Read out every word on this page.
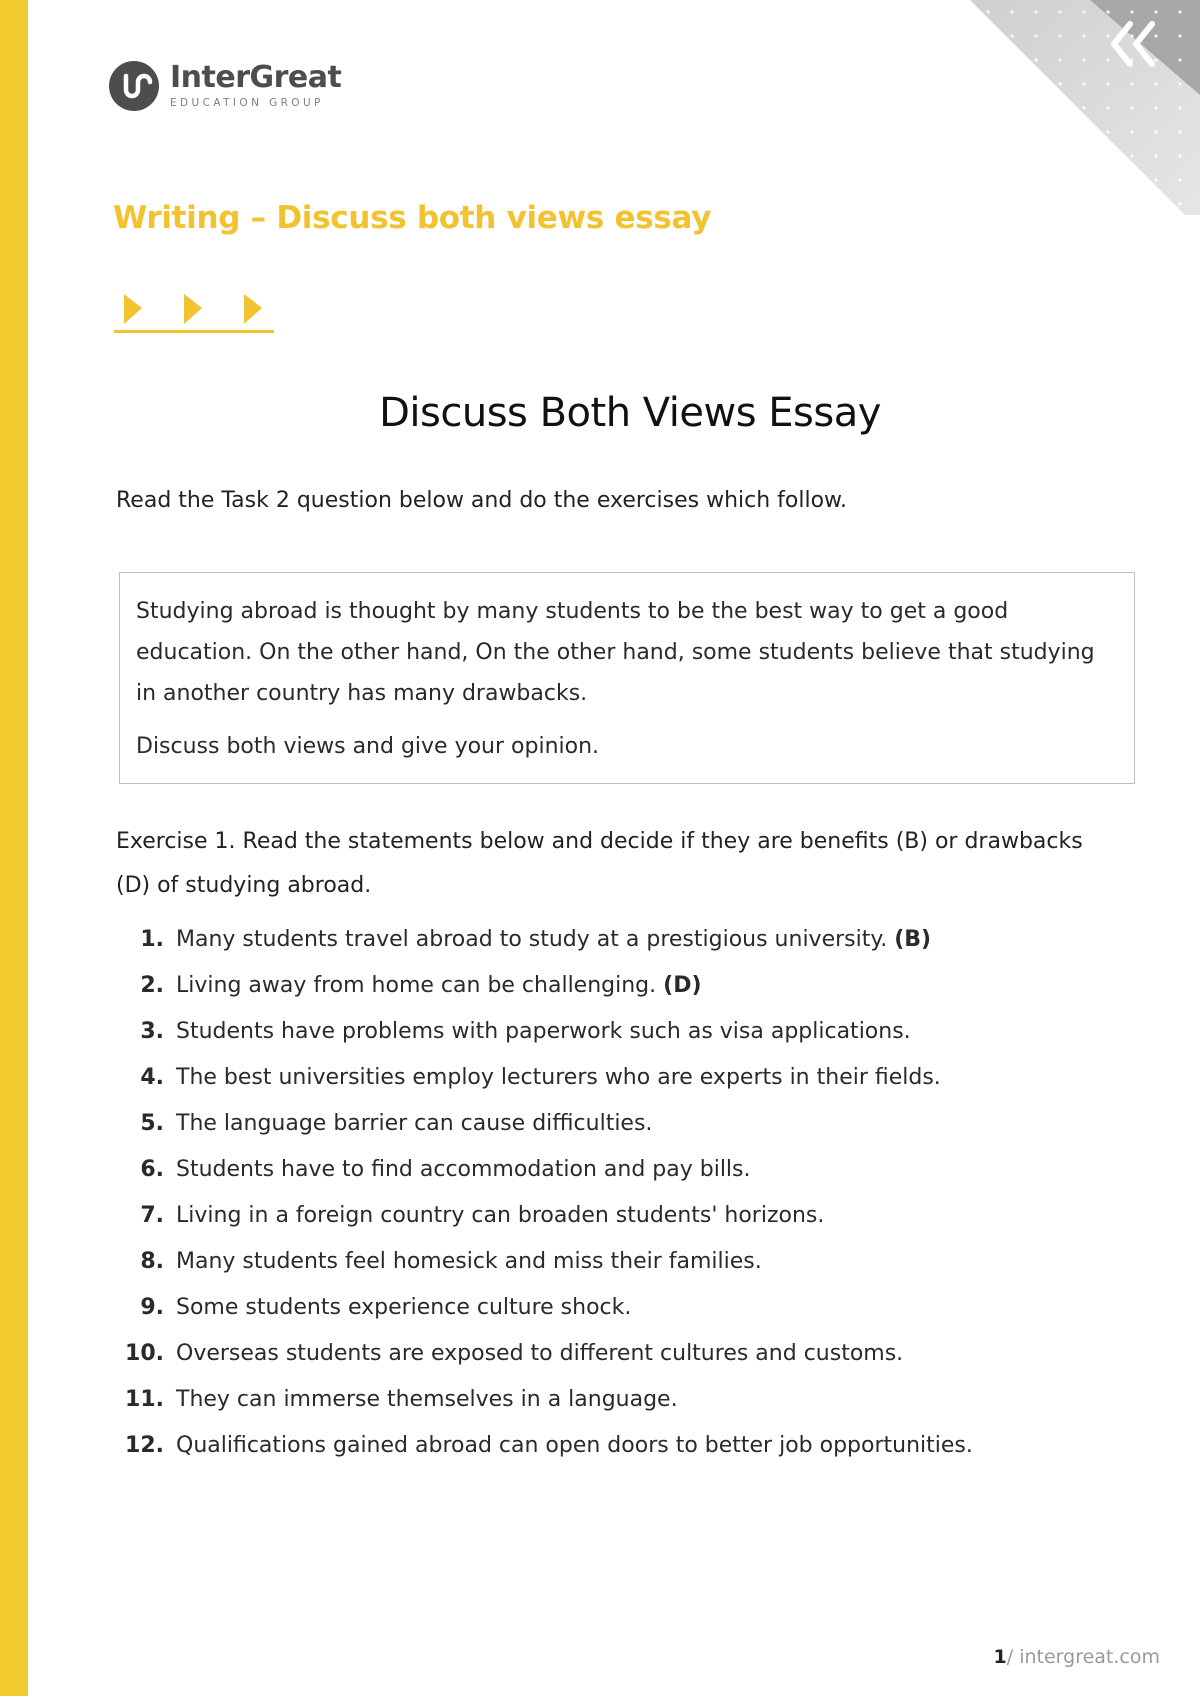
InterGreat
EDUCATION GROUP
Writing – Discuss both views essay
Discuss Both Views Essay
Read the Task 2 question below and do the exercises which follow.

Studying abroad is thought by many students to be the best way to get a good education. On the other hand, On the other hand, some students believe that studying in another country has many drawbacks.

Discuss both views and give your opinion.

Exercise 1. Read the statements below and decide if they are benefits (B) or drawbacks (D) of studying abroad.
1. Many students travel abroad to study at a prestigious university. (B)
2. Living away from home can be challenging. (D)
3. Students have problems with paperwork such as visa applications.
4. The best universities employ lecturers who are experts in their fields.
5. The language barrier can cause difficulties.
6. Students have to find accommodation and pay bills.
7. Living in a foreign country can broaden students' horizons.
8. Many students feel homesick and miss their families.
9. Some students experience culture shock.
10. Overseas students are exposed to different cultures and customs.
11. They can immerse themselves in a language.
12. Qualifications gained abroad can open doors to better job opportunities.
1/ intergreat.com
